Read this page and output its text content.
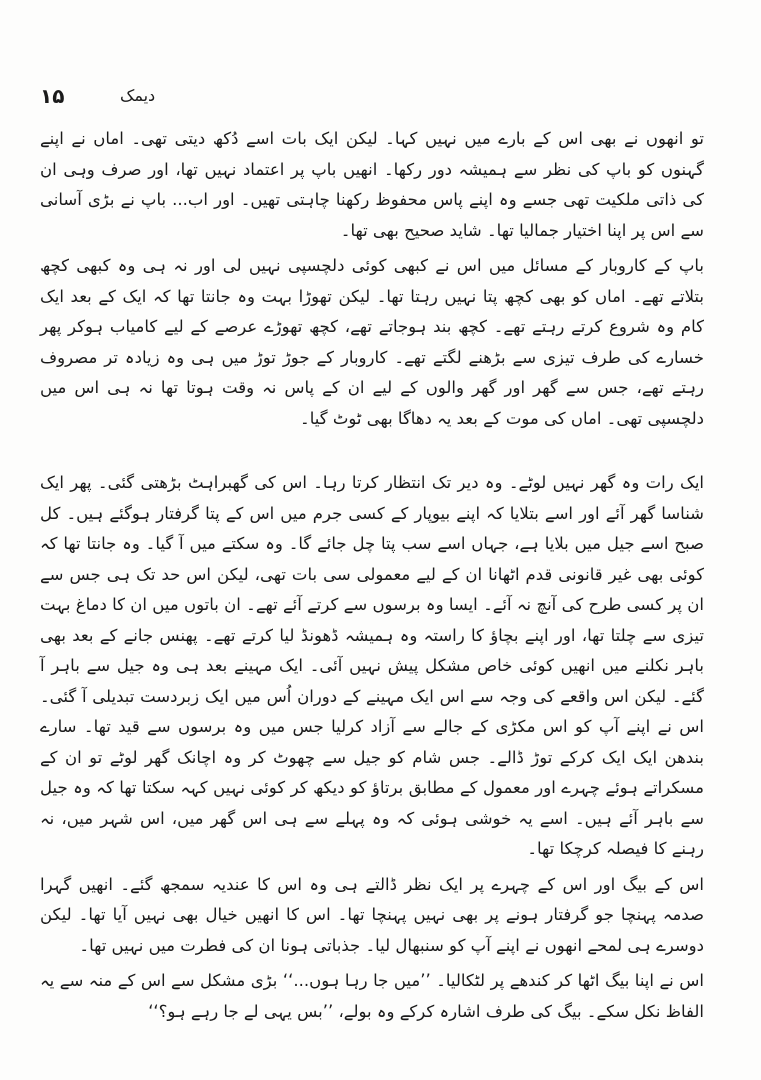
۱۵	دیمک

تو انھوں نے بھی اس کے بارے میں نہیں کہا۔ لیکن ایک بات اسے دُکھ دیتی تھی۔ اماں نے اپنے گہنوں کو باپ کی نظر سے ہمیشہ دور رکھا۔ انھیں باپ پر اعتماد نہیں تھا، اور صرف وہی ان کی ذاتی ملکیت تھی جسے وہ اپنے پاس محفوظ رکھنا چاہتی تھیں۔ اور اب... باپ نے بڑی آسانی سے اس پر اپنا اختیار جمالیا تھا۔ شاید صحیح بھی تھا۔

باپ کے کاروبار کے مسائل میں اس نے کبھی کوئی دلچسپی نہیں لی اور نہ ہی وہ کبھی کچھ بتلاتے تھے۔ اماں کو بھی کچھ پتا نہیں رہتا تھا۔ لیکن تھوڑا بہت وہ جانتا تھا کہ ایک کے بعد ایک کام وہ شروع کرتے رہتے تھے۔ کچھ بند ہوجاتے تھے، کچھ تھوڑے عرصے کے لیے کامیاب ہوکر پھر خسارے کی طرف تیزی سے بڑھنے لگتے تھے۔ کاروبار کے جوڑ توڑ میں ہی وہ زیادہ تر مصروف رہتے تھے، جس سے گھر اور گھر والوں کے لیے ان کے پاس نہ وقت ہوتا تھا نہ ہی اس میں دلچسپی تھی۔ اماں کی موت کے بعد یہ دھاگا بھی ٹوٹ گیا۔

ایک رات وہ گھر نہیں لوٹے۔ وہ دیر تک انتظار کرتا رہا۔ اس کی گھبراہٹ بڑھتی گئی۔ پھر ایک شناسا گھر آئے اور اسے بتلایا کہ اپنے بیوپار کے کسی جرم میں اس کے پتا گرفتار ہوگئے ہیں۔ کل صبح اسے جیل میں بلایا ہے، جہاں اسے سب پتا چل جائے گا۔ وہ سکتے میں آ گیا۔ وہ جانتا تھا کہ کوئی بھی غیر قانونی قدم اٹھانا ان کے لیے معمولی سی بات تھی، لیکن اس حد تک ہی جس سے ان پر کسی طرح کی آنچ نہ آئے۔ ایسا وہ برسوں سے کرتے آئے تھے۔ ان باتوں میں ان کا دماغ بہت تیزی سے چلتا تھا، اور اپنے بچاؤ کا راستہ وہ ہمیشہ ڈھونڈ لیا کرتے تھے۔ پھنس جانے کے بعد بھی باہر نکلنے میں انھیں کوئی خاص مشکل پیش نہیں آئی۔ ایک مہینے بعد ہی وہ جیل سے باہر آ گئے۔ لیکن اس واقعے کی وجہ سے اس ایک مہینے کے دوران اُس میں ایک زبردست تبدیلی آ گئی۔ اس نے اپنے آپ کو اس مکڑی کے جالے سے آزاد کرلیا جس میں وہ برسوں سے قید تھا۔ سارے بندھن ایک ایک کرکے توڑ ڈالے۔ جس شام کو جیل سے چھوٹ کر وہ اچانک گھر لوٹے تو ان کے مسکراتے ہوئے چہرے اور معمول کے مطابق برتاؤ کو دیکھ کر کوئی نہیں کہہ سکتا تھا کہ وہ جیل سے باہر آئے ہیں۔ اسے یہ خوشی ہوئی کہ وہ پہلے سے ہی اس گھر میں، اس شہر میں، نہ رہنے کا فیصلہ کرچکا تھا۔

اس کے بیگ اور اس کے چہرے پر ایک نظر ڈالتے ہی وہ اس کا عندیہ سمجھ گئے۔ انھیں گہرا صدمہ پہنچا جو گرفتار ہونے پر بھی نہیں پہنچا تھا۔ اس کا انھیں خیال بھی نہیں آیا تھا۔ لیکن دوسرے ہی لمحے انھوں نے اپنے آپ کو سنبھال لیا۔ جذباتی ہونا ان کی فطرت میں نہیں تھا۔

اس نے اپنا بیگ اٹھا کر کندھے پر لٹکالیا۔ ’’میں جا رہا ہوں...‘‘ بڑی مشکل سے اس کے منہ سے یہ الفاظ نکل سکے۔ بیگ کی طرف اشارہ کرکے وہ بولے، ’’بس یہی لے جا رہے ہو؟‘‘
